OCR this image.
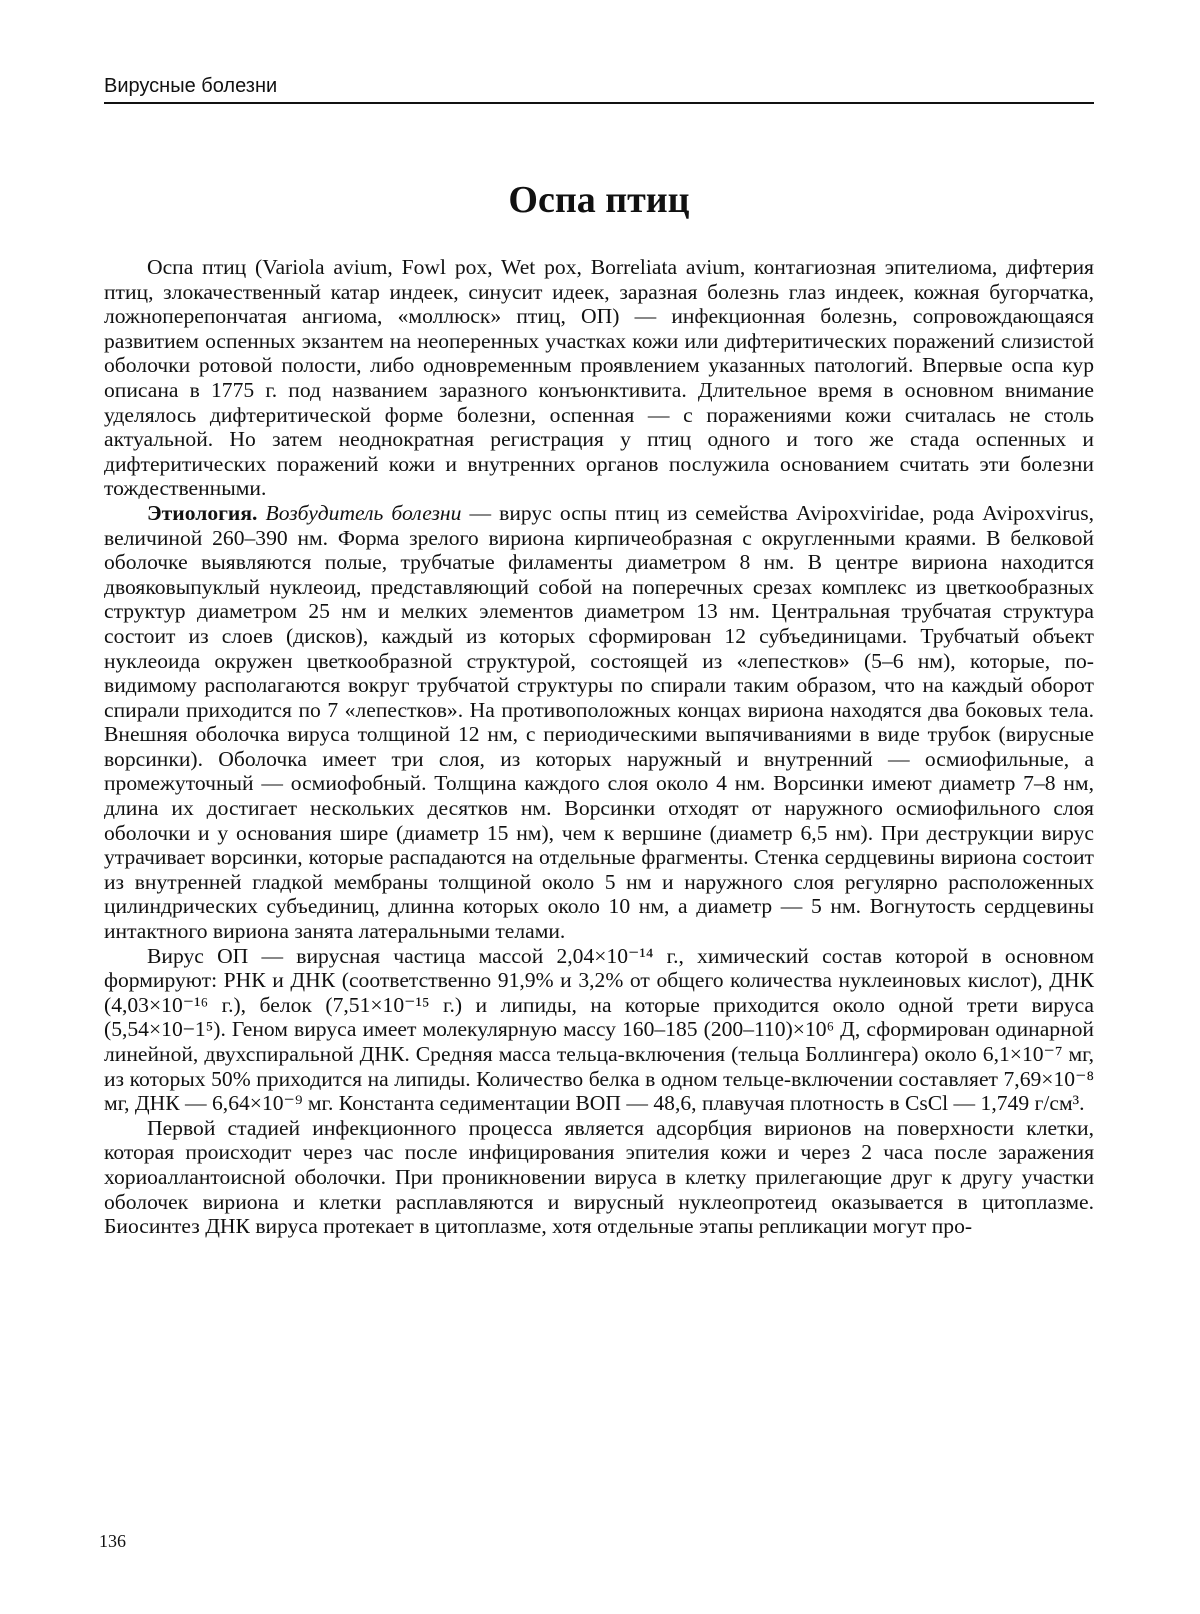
Вирусные болезни
Оспа птиц

Оспа птиц (Variola avium, Fowl pox, Wet pox, Borreliata avium, контагиозная эпителиома, дифтерия птиц, злокачественный катар индеек, синусит идеек, заразная болезнь глаз индеек, кожная бугорчатка, ложноперепончатая ангиома, «моллюск» птиц, ОП) — инфекционная болезнь, сопровождающаяся развитием оспенных экзантем на неоперенных участках кожи или дифтеритических поражений слизистой оболочки ротовой полости, либо одновременным проявлением указанных патологий. Впервые оспа кур описана в 1775 г. под названием заразного конъюнктивита. Длительное время в основном внимание уделялось дифтеритической форме болезни, оспенная — с поражениями кожи считалась не столь актуальной. Но затем неоднократная регистрация у птиц одного и того же стада оспенных и дифтеритических поражений кожи и внутренних органов послужила основанием считать эти болезни тождественными.

Этиология. Возбудитель болезни — вирус оспы птиц из семейства Avipoxviridae, рода Avipoxvirus, величиной 260–390 нм. Форма зрелого вириона кирпичеобразная с округленными краями. В белковой оболочке выявляются полые, трубчатые филаменты диаметром 8 нм. В центре вириона находится двояковыпуклый нуклеоид, представляющий собой на поперечных срезах комплекс из цветкообразных структур диаметром 25 нм и мелких элементов диаметром 13 нм. Центральная трубчатая структура состоит из слоев (дисков), каждый из которых сформирован 12 субъединицами. Трубчатый объект нуклеоида окружен цветкообразной структурой, состоящей из «лепестков» (5–6 нм), которые, по-видимому располагаются вокруг трубчатой структуры по спирали таким образом, что на каждый оборот спирали приходится по 7 «лепестков». На противоположных концах вириона находятся два боковых тела. Внешняя оболочка вируса толщиной 12 нм, с периодическими выпячиваниями в виде трубок (вирусные ворсинки). Оболочка имеет три слоя, из которых наружный и внутренний — осмиофильные, а промежуточный — осмиофобный. Толщина каждого слоя около 4 нм. Ворсинки имеют диаметр 7–8 нм, длина их достигает нескольких десятков нм. Ворсинки отходят от наружного осмиофильного слоя оболочки и у основания шире (диаметр 15 нм), чем к вершине (диаметр 6,5 нм). При деструкции вирус утрачивает ворсинки, которые распадаются на отдельные фрагменты. Стенка сердцевины вириона состоит из внутренней гладкой мембраны толщиной около 5 нм и наружного слоя регулярно расположенных цилиндрических субъединиц, длинна которых около 10 нм, а диаметр — 5 нм. Вогнутость сердцевины интактного вириона занята латеральными телами.

Вирус ОП — вирусная частица массой 2,04×10⁻¹⁴ г., химический состав которой в основном формируют: РНК и ДНК (соответственно 91,9% и 3,2% от общего количества нуклеиновых кислот), ДНК (4,03×10⁻¹⁶ г.), белок (7,51×10⁻¹⁵ г.) и липиды, на которые приходится около одной трети вируса (5,54×10−1⁵). Геном вируса имеет молекулярную массу 160–185 (200–110)×10⁶ Д, сформирован одинарной линейной, двухспиральной ДНК. Средняя масса тельца-включения (тельца Боллингера) около 6,1×10⁻⁷ мг, из которых 50% приходится на липиды. Количество белка в одном тельце-включении составляет 7,69×10⁻⁸ мг, ДНК — 6,64×10⁻⁹ мг. Константа седиментации ВОП — 48,6, плавучая плотность в CsCl — 1,749 г/см³.

Первой стадией инфекционного процесса является адсорбция вирионов на поверхности клетки, которая происходит через час после инфицирования эпителия кожи и через 2 часа после заражения хориоаллантоисной оболочки. При проникновении вируса в клетку прилегающие друг к другу участки оболочек вириона и клетки расплавляются и вирусный нуклеопротеид оказывается в цитоплазме. Биосинтез ДНК вируса протекает в цитоплазме, хотя отдельные этапы репликации могут про-

136
